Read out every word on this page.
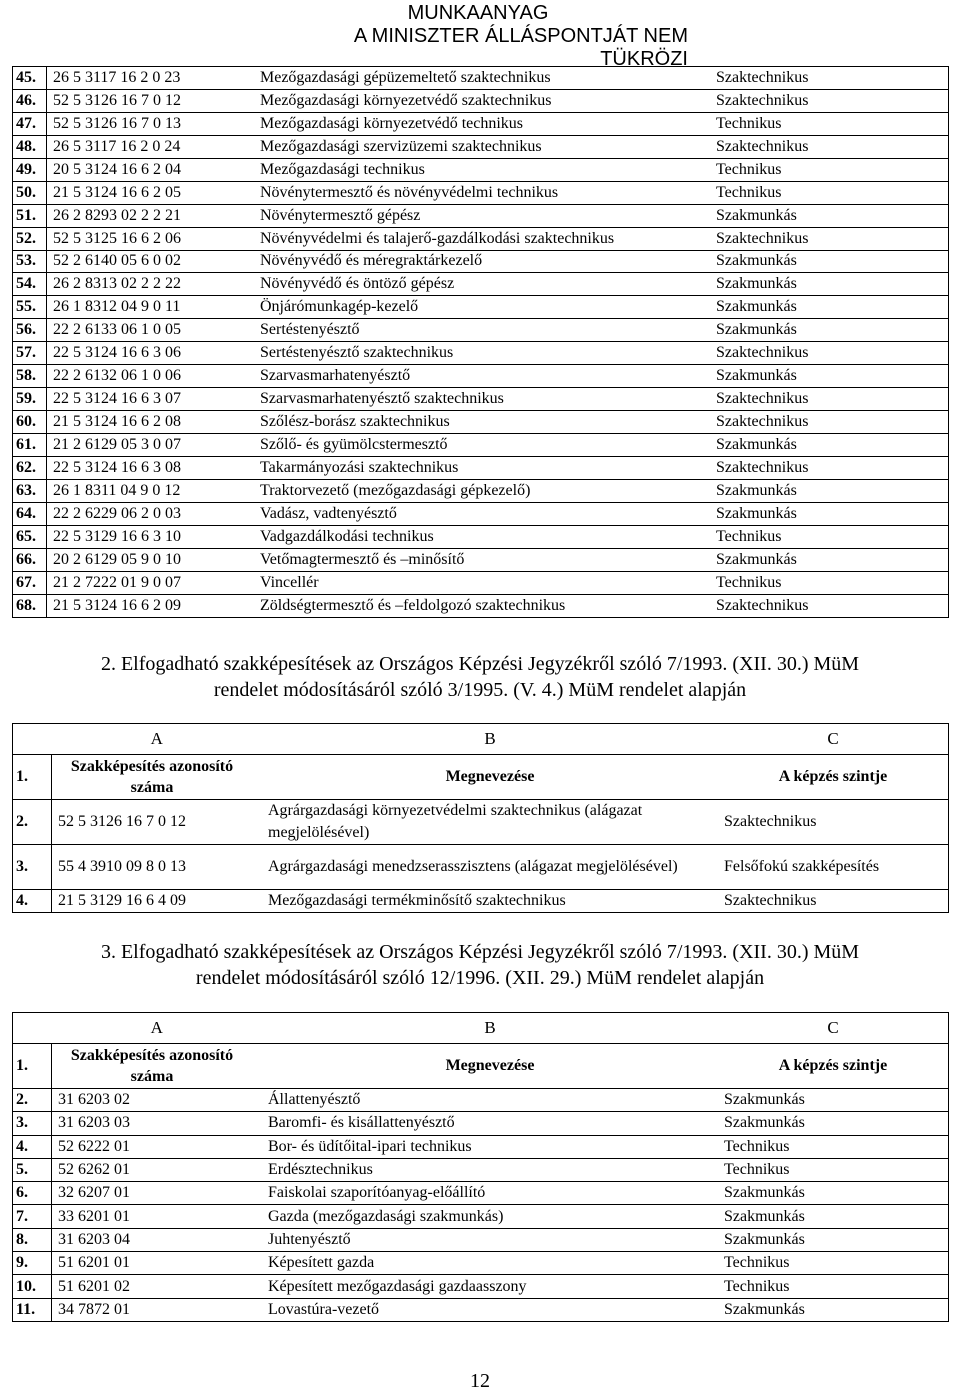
MUNKAANYAG
A MINISZTER ÁLLÁSPONTJÁT NEM TÜKRÖZI
45.	26 5 3117 16 2 0 23	Mezőgazdasági gépüzemeltető szaktechnikus	Szaktechnikus
46.	52 5 3126 16 7 0 12	Mezőgazdasági környezetvédő szaktechnikus	Szaktechnikus
47.	52 5 3126 16 7 0 13	Mezőgazdasági környezetvédő technikus	Technikus
48.	26 5 3117 16 2 0 24	Mezőgazdasági szervizüzemi szaktechnikus	Szaktechnikus
49.	20 5 3124 16 6 2 04	Mezőgazdasági technikus	Technikus
50.	21 5 3124 16 6 2 05	Növénytermesztő és növényvédelmi technikus	Technikus
51.	26 2 8293 02 2 2 21	Növénytermesztő gépész	Szakmunkás
52.	52 5 3125 16 6 2 06	Növényvédelmi és talajerő-gazdálkodási szaktechnikus	Szaktechnikus
53.	52 2 6140 05 6 0 02	Növényvédő és méregraktárkezelő	Szakmunkás
54.	26 2 8313 02 2 2 22	Növényvédő és öntöző gépész	Szakmunkás
55.	26 1 8312 04 9 0 11	Önjárómunkagép-kezelő	Szakmunkás
56.	22 2 6133 06 1 0 05	Sertéstenyésztő	Szakmunkás
57.	22 5 3124 16 6 3 06	Sertéstenyésztő szaktechnikus	Szaktechnikus
58.	22 2 6132 06 1 0 06	Szarvasmarhatenyésztő	Szakmunkás
59.	22 5 3124 16 6 3 07	Szarvasmarhatenyésztő szaktechnikus	Szaktechnikus
60.	21 5 3124 16 6 2 08	Szőlész-borász szaktechnikus	Szaktechnikus
61.	21 2 6129 05 3 0 07	Szőlő- és gyümölcstermesztő	Szakmunkás
62.	22 5 3124 16 6 3 08	Takarmányozási szaktechnikus	Szaktechnikus
63.	26 1 8311 04 9 0 12	Traktorvezető (mezőgazdasági gépkezelő)	Szakmunkás
64.	22 2 6229 06 2 0 03	Vadász, vadtenyésztő	Szakmunkás
65.	22 5 3129 16 6 3 10	Vadgazdálkodási technikus	Technikus
66.	20 2 6129 05 9 0 10	Vetőmagtermesztő és –minősítő	Szakmunkás
67.	21 2 7222 01 9 0 07	Vincellér	Technikus
68.	21 5 3124 16 6 2 09	Zöldségtermesztő és –feldolgozó szaktechnikus	Szaktechnikus
2. Elfogadható szakképesítések az Országos Képzési Jegyzékről szóló 7/1993. (XII. 30.) MüM
rendelet módosításáról szóló 3/1995. (V. 4.) MüM rendelet alapján
	A	B	C
1.	Szakképesítés azonosító száma	Megnevezése	A képzés szintje
2.	52 5 3126 16 7 0 12	Agrárgazdasági környezetvédelmi szaktechnikus (alágazat megjelölésével)	Szaktechnikus
3.	55 4 3910 09 8 0 13	Agrárgazdasági menedzserasszisztens (alágazat megjelölésével)	Felsőfokú szakképesítés
4.	21 5 3129 16 6 4 09	Mezőgazdasági termékminősítő szaktechnikus	Szaktechnikus
3. Elfogadható szakképesítések az Országos Képzési Jegyzékről szóló 7/1993. (XII. 30.) MüM
rendelet módosításáról szóló 12/1996. (XII. 29.) MüM rendelet alapján
	A	B	C
1.	Szakképesítés azonosító száma	Megnevezése	A képzés szintje
2.	31 6203 02	Állattenyésztő	Szakmunkás
3.	31 6203 03	Baromfi- és kisállattenyésztő	Szakmunkás
4.	52 6222 01	Bor- és üdítőital-ipari technikus	Technikus
5.	52 6262 01	Erdésztechnikus	Technikus
6.	32 6207 01	Faiskolai szaporítóanyag-előállító	Szakmunkás
7.	33 6201 01	Gazda (mezőgazdasági szakmunkás)	Szakmunkás
8.	31 6203 04	Juhtenyésztő	Szakmunkás
9.	51 6201 01	Képesített gazda	Technikus
10.	51 6201 02	Képesített mezőgazdasági gazdaasszony	Technikus
11.	34 7872 01	Lovastúra-vezető	Szakmunkás
12
